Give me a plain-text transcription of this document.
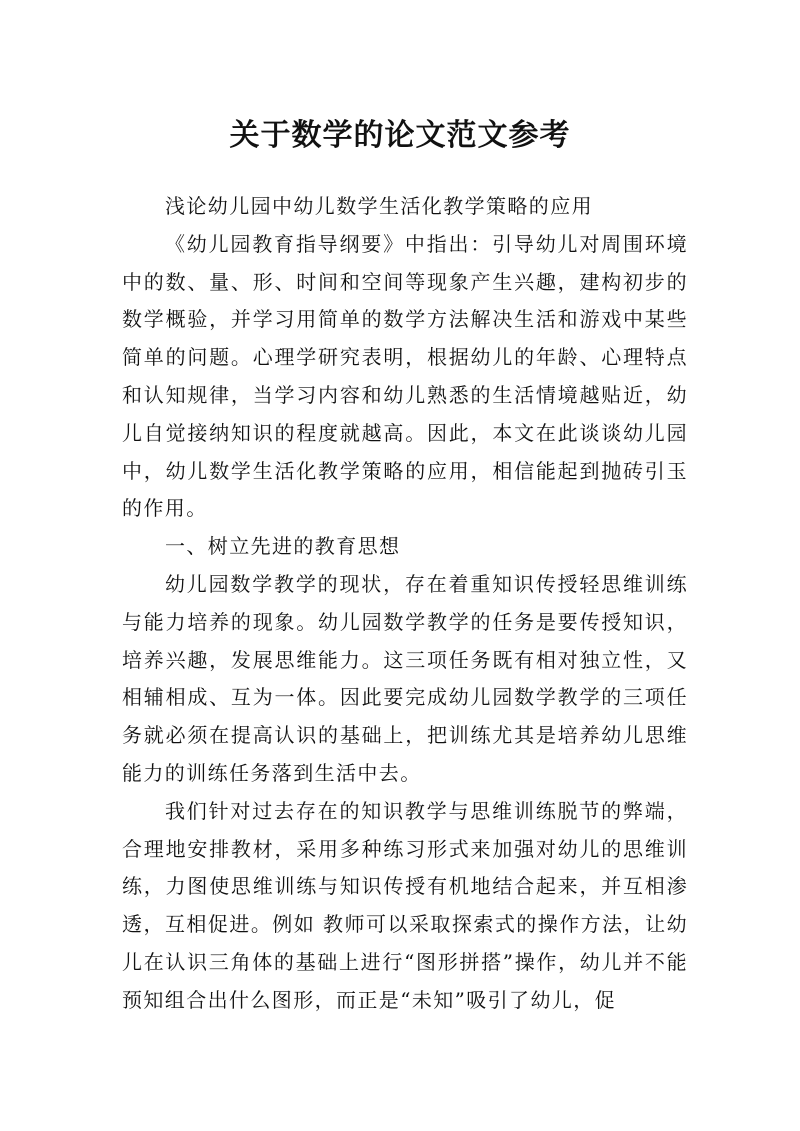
关于数学的论文范文参考

浅论幼儿园中幼儿数学生活化教学策略的应用

《幼儿园教育指导纲要》中指出：引导幼儿对周围环境中的数、量、形、时间和空间等现象产生兴趣，建构初步的数学概验，并学习用简单的数学方法解决生活和游戏中某些简单的问题。心理学研究表明，根据幼儿的年龄、心理特点和认知规律，当学习内容和幼儿熟悉的生活情境越贴近，幼儿自觉接纳知识的程度就越高。因此，本文在此谈谈幼儿园中，幼儿数学生活化教学策略的应用，相信能起到抛砖引玉的作用。

一、树立先进的教育思想

幼儿园数学教学的现状，存在着重知识传授轻思维训练与能力培养的现象。幼儿园数学教学的任务是要传授知识，培养兴趣，发展思维能力。这三项任务既有相对独立性，又相辅相成、互为一体。因此要完成幼儿园数学教学的三项任务就必须在提高认识的基础上，把训练尤其是培养幼儿思维能力的训练任务落到生活中去。

我们针对过去存在的知识教学与思维训练脱节的弊端，合理地安排教材，采用多种练习形式来加强对幼儿的思维训练，力图使思维训练与知识传授有机地结合起来，并互相渗透，互相促进。例如 教师可以采取探索式的操作方法，让幼儿在认识三角体的基础上进行“图形拼搭”操作，幼儿并不能预知组合出什么图形，而正是“未知”吸引了幼儿，促
